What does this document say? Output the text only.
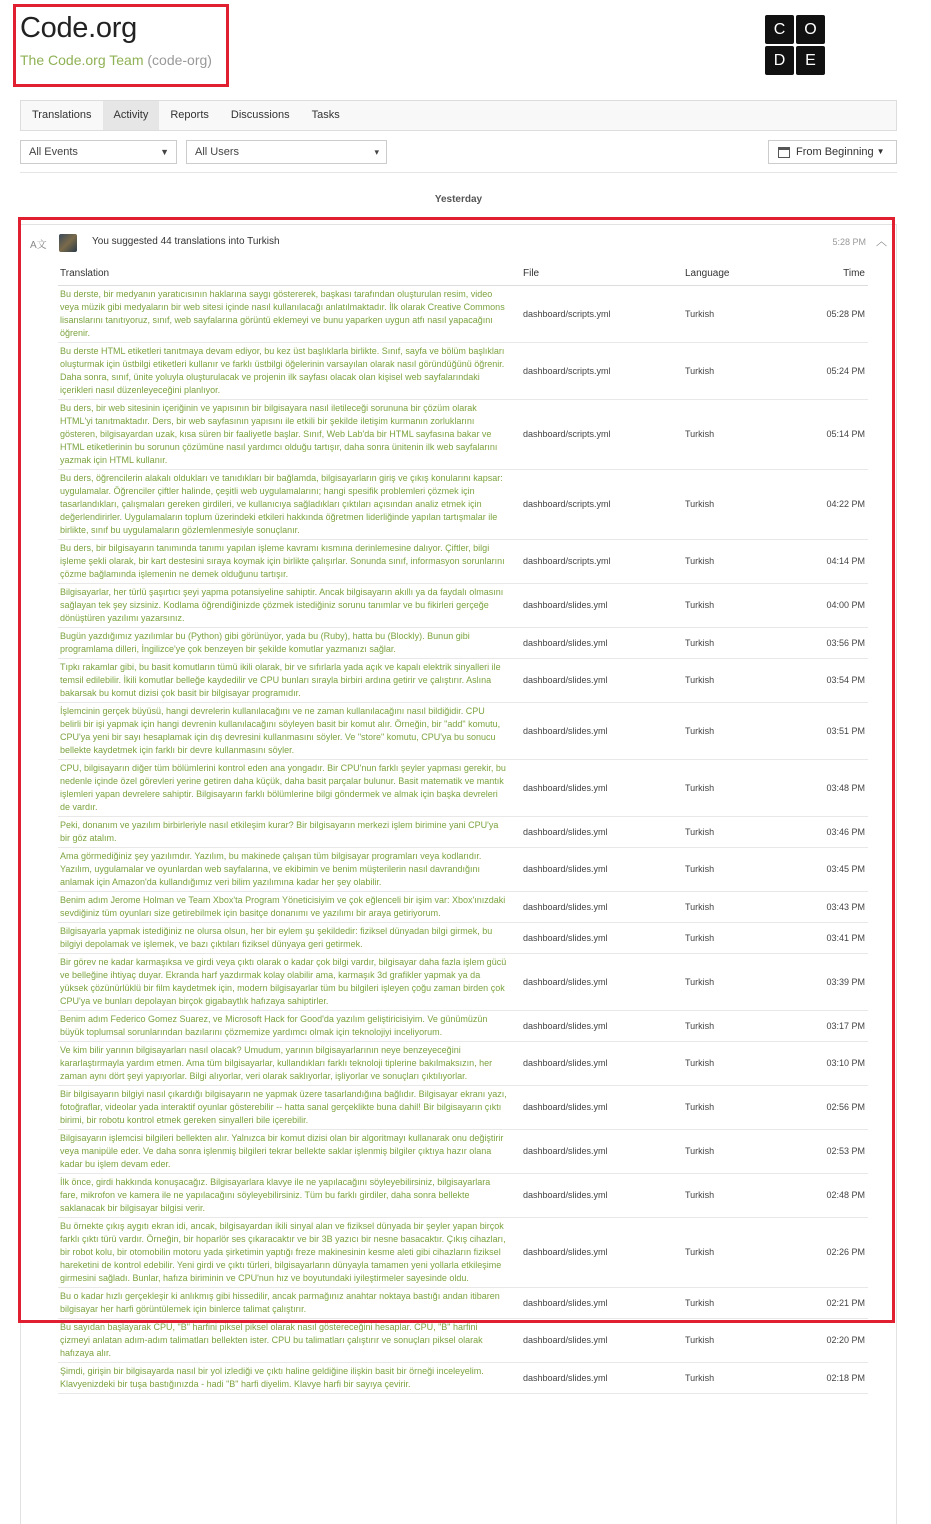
Code.org
The Code.org Team (code-org)
C	O
D	E
Translations	Activity	Reports	Discussions	Tasks
All Events	▼	All Users	▾	From Beginning ▼
Yesterday
A文	You suggested 44 translations into Turkish	5:28 PM ︿
Translation	File	Language	Time
Bu derste, bir medyanın yaratıcısının haklarına saygı göstererek, başkası tarafından oluşturulan resim, video veya müzik gibi medyaların bir web sitesi içinde nasıl kullanılacağı anlatılmaktadır. İlk olarak Creative Commons lisanslarını tanıtıyoruz, sınıf, web sayfalarına görüntü eklemeyi ve bunu yaparken uygun atfı nasıl yapacağını öğrenir.	dashboard/scripts.yml	Turkish	05:28 PM
Bu derste HTML etiketleri tanıtmaya devam ediyor, bu kez üst başlıklarla birlikte. Sınıf, sayfa ve bölüm başlıkları oluşturmak için üstbilgi etiketleri kullanır ve farklı üstbilgi öğelerinin varsayılan olarak nasıl göründüğünü öğrenir. Daha sonra, sınıf, ünite yoluyla oluşturulacak ve projenin ilk sayfası olacak olan kişisel web sayfalarındaki içerikleri nasıl düzenleyeceğini planlıyor.	dashboard/scripts.yml	Turkish	05:24 PM
Bu ders, bir web sitesinin içeriğinin ve yapısının bir bilgisayara nasıl iletileceği sorununa bir çözüm olarak HTML'yi tanıtmaktadır. Ders, bir web sayfasının yapısını ile etkili bir şekilde iletişim kurmanın zorluklarını gösteren, bilgisayardan uzak, kısa süren bir faaliyetle başlar. Sınıf, Web Lab'da bir HTML sayfasına bakar ve HTML etiketlerinin bu sorunun çözümüne nasıl yardımcı olduğu tartışır, daha sonra ünitenin ilk web sayfalarını yazmak için HTML kullanır.	dashboard/scripts.yml	Turkish	05:14 PM
Bu ders, öğrencilerin alakalı oldukları ve tanıdıkları bir bağlamda, bilgisayarların giriş ve çıkış konularını kapsar: uygulamalar. Öğrenciler çiftler halinde, çeşitli web uygulamalarını; hangi spesifik problemleri çözmek için tasarlandıkları, çalışmaları gereken girdileri, ve kullanıcıya sağladıkları çıktıları açısından analiz etmek için değerlendirirler. Uygulamaların toplum üzerindeki etkileri hakkında öğretmen liderliğinde yapılan tartışmalar ile birlikte, sınıf bu uygulamaların gözlemlenmesiyle sonuçlanır.	dashboard/scripts.yml	Turkish	04:22 PM
Bu ders, bir bilgisayarın tanımında tanımı yapılan işleme kavramı kısmına derinlemesine dalıyor. Çiftler, bilgi işleme şekli olarak, bir kart destesini sıraya koymak için birlikte çalışırlar. Sonunda sınıf, informasyon sorunlarını çözme bağlamında işlemenin ne demek olduğunu tartışır.	dashboard/scripts.yml	Turkish	04:14 PM
Bilgisayarlar, her türlü şaşırtıcı şeyi yapma potansiyeline sahiptir. Ancak bilgisayarın akıllı ya da faydalı olmasını sağlayan tek şey sizsiniz. Kodlama öğrendiğinizde çözmek istediğiniz sorunu tanımlar ve bu fikirleri gerçeğe dönüştüren yazılımı yazarsınız.	dashboard/slides.yml	Turkish	04:00 PM
Bugün yazdığımız yazılımlar bu (Python) gibi görünüyor, yada bu (Ruby), hatta bu (Blockly). Bunun gibi programlama dilleri, İngilizce'ye çok benzeyen bir şekilde komutlar yazmanızı sağlar.	dashboard/slides.yml	Turkish	03:56 PM
Tıpkı rakamlar gibi, bu basit komutların tümü ikili olarak, bir ve sıfırlarla yada açık ve kapalı elektrik sinyalleri ile temsil edilebilir. İkili komutlar belleğe kaydedilir ve CPU bunları sırayla birbiri ardına getirir ve çalıştırır. Aslına bakarsak bu komut dizisi çok basit bir bilgisayar programıdır.	dashboard/slides.yml	Turkish	03:54 PM
İşlemcinin gerçek büyüsü, hangi devrelerin kullanılacağını ve ne zaman kullanılacağını nasıl bildiğidir. CPU belirli bir işi yapmak için hangi devrenin kullanılacağını söyleyen basit bir komut alır. Örneğin, bir "add" komutu, CPU'ya yeni bir sayı hesaplamak için dış devresini kullanmasını söyler. Ve "store" komutu, CPU'ya bu sonucu bellekte kaydetmek için farklı bir devre kullanmasını söyler.	dashboard/slides.yml	Turkish	03:51 PM
CPU, bilgisayarın diğer tüm bölümlerini kontrol eden ana yongadır. Bir CPU'nun farklı şeyler yapması gerekir, bu nedenle içinde özel görevleri yerine getiren daha küçük, daha basit parçalar bulunur. Basit matematik ve mantık işlemleri yapan devrelere sahiptir. Bilgisayarın farklı bölümlerine bilgi göndermek ve almak için başka devreleri de vardır.	dashboard/slides.yml	Turkish	03:48 PM
Peki, donanım ve yazılım birbirleriyle nasıl etkileşim kurar? Bir bilgisayarın merkezi işlem birimine yani CPU'ya bir göz atalım.	dashboard/slides.yml	Turkish	03:46 PM
Ama görmediğiniz şey yazılımdır. Yazılım, bu makinede çalışan tüm bilgisayar programları veya kodlarıdır. Yazılım, uygulamalar ve oyunlardan web sayfalarına, ve ekibimin ve benim müşterilerin nasıl davrandığını anlamak için Amazon'da kullandığımız veri bilim yazılımına kadar her şey olabilir.	dashboard/slides.yml	Turkish	03:45 PM
Benim adım Jerome Holman ve Team Xbox'ta Program Yöneticisiyim ve çok eğlenceli bir işim var: Xbox'ınızdaki sevdiğiniz tüm oyunları size getirebilmek için basitçe donanımı ve yazılımı bir araya getiriyorum.	dashboard/slides.yml	Turkish	03:43 PM
Bilgisayarla yapmak istediğiniz ne olursa olsun, her bir eylem şu şekildedir: fiziksel dünyadan bilgi girmek, bu bilgiyi depolamak ve işlemek, ve bazı çıktıları fiziksel dünyaya geri getirmek.	dashboard/slides.yml	Turkish	03:41 PM
Bir görev ne kadar karmaşıksa ve girdi veya çıktı olarak o kadar çok bilgi vardır, bilgisayar daha fazla işlem gücü ve belleğine ihtiyaç duyar. Ekranda harf yazdırmak kolay olabilir ama, karmaşık 3d grafikler yapmak ya da yüksek çözünürlüklü bir film kaydetmek için, modern bilgisayarlar tüm bu bilgileri işleyen çoğu zaman birden çok CPU'ya ve bunları depolayan birçok gigabaytlık hafızaya sahiptirler.	dashboard/slides.yml	Turkish	03:39 PM
Benim adım Federico Gomez Suarez, ve Microsoft Hack for Good'da yazılım geliştiricisiyim. Ve günümüzün büyük toplumsal sorunlarından bazılarını çözmemize yardımcı olmak için teknolojiyi inceliyorum.	dashboard/slides.yml	Turkish	03:17 PM
Ve kim bilir yarının bilgisayarları nasıl olacak? Umudum, yarının bilgisayarlarının neye benzeyeceğini kararlaştırmayla yardım etmen. Ama tüm bilgisayarlar, kullandıkları farklı teknoloji tiplerine bakılmaksızın, her zaman aynı dört şeyi yapıyorlar. Bilgi alıyorlar, veri olarak saklıyorlar, işliyorlar ve sonuçları çıktılıyorlar.	dashboard/slides.yml	Turkish	03:10 PM
Bir bilgisayarın bilgiyi nasıl çıkardığı bilgisayarın ne yapmak üzere tasarlandığına bağlıdır. Bilgisayar ekranı yazı, fotoğraflar, videolar yada interaktif oyunlar gösterebilir -- hatta sanal gerçeklikte buna dahil! Bir bilgisayarın çıktı birimi, bir robotu kontrol etmek gereken sinyalleri bile içerebilir.	dashboard/slides.yml	Turkish	02:56 PM
Bilgisayarın işlemcisi bilgileri bellekten alır. Yalnızca bir komut dizisi olan bir algoritmayı kullanarak onu değiştirir veya manipüle eder. Ve daha sonra işlenmiş bilgileri tekrar bellekte saklar işlenmiş bilgiler çıktıya hazır olana kadar bu işlem devam eder.	dashboard/slides.yml	Turkish	02:53 PM
İlk önce, girdi hakkında konuşacağız. Bilgisayarlara klavye ile ne yapılacağını söyleyebilirsiniz, bilgisayarlara fare, mikrofon ve kamera ile ne yapılacağını söyleyebilirsiniz. Tüm bu farklı girdiler, daha sonra bellekte saklanacak bir bilgisayar bilgisi verir.	dashboard/slides.yml	Turkish	02:48 PM
Bu örnekte çıkış aygıtı ekran idi, ancak, bilgisayardan ikili sinyal alan ve fiziksel dünyada bir şeyler yapan birçok farklı çıktı türü vardır. Örneğin, bir hoparlör ses çıkaracaktır ve bir 3B yazıcı bir nesne basacaktır. Çıkış cihazları, bir robot kolu, bir otomobilin motoru yada şirketimin yaptığı freze makinesinin kesme aleti gibi cihazların fiziksel hareketini de kontrol edebilir. Yeni girdi ve çıktı türleri, bilgisayarların dünyayla tamamen yeni yollarla etkileşime girmesini sağladı. Bunlar, hafıza biriminin ve CPU'nun hız ve boyutundaki iyileştirmeler sayesinde oldu.	dashboard/slides.yml	Turkish	02:26 PM
Bu o kadar hızlı gerçekleşir ki anlıkmış gibi hissedilir, ancak parmağınız anahtar noktaya bastığı andan itibaren bilgisayar her harfi görüntülemek için binlerce talimat çalıştırır.	dashboard/slides.yml	Turkish	02:21 PM
Bu sayıdan başlayarak CPU, "B" harfini piksel piksel olarak nasıl göstereceğini hesaplar. CPU, "B" harfini çizmeyi anlatan adım-adım talimatları bellekten ister. CPU bu talimatları çalıştırır ve sonuçları piksel olarak hafızaya alır.	dashboard/slides.yml	Turkish	02:20 PM
Şimdi, girişin bir bilgisayarda nasıl bir yol izlediği ve çıktı haline geldiğine ilişkin basit bir örneği inceleyelim. Klavyenizdeki bir tuşa bastığınızda - hadi "B" harfi diyelim. Klavye harfi bir sayıya çevirir.	dashboard/slides.yml	Turkish	02:18 PM
